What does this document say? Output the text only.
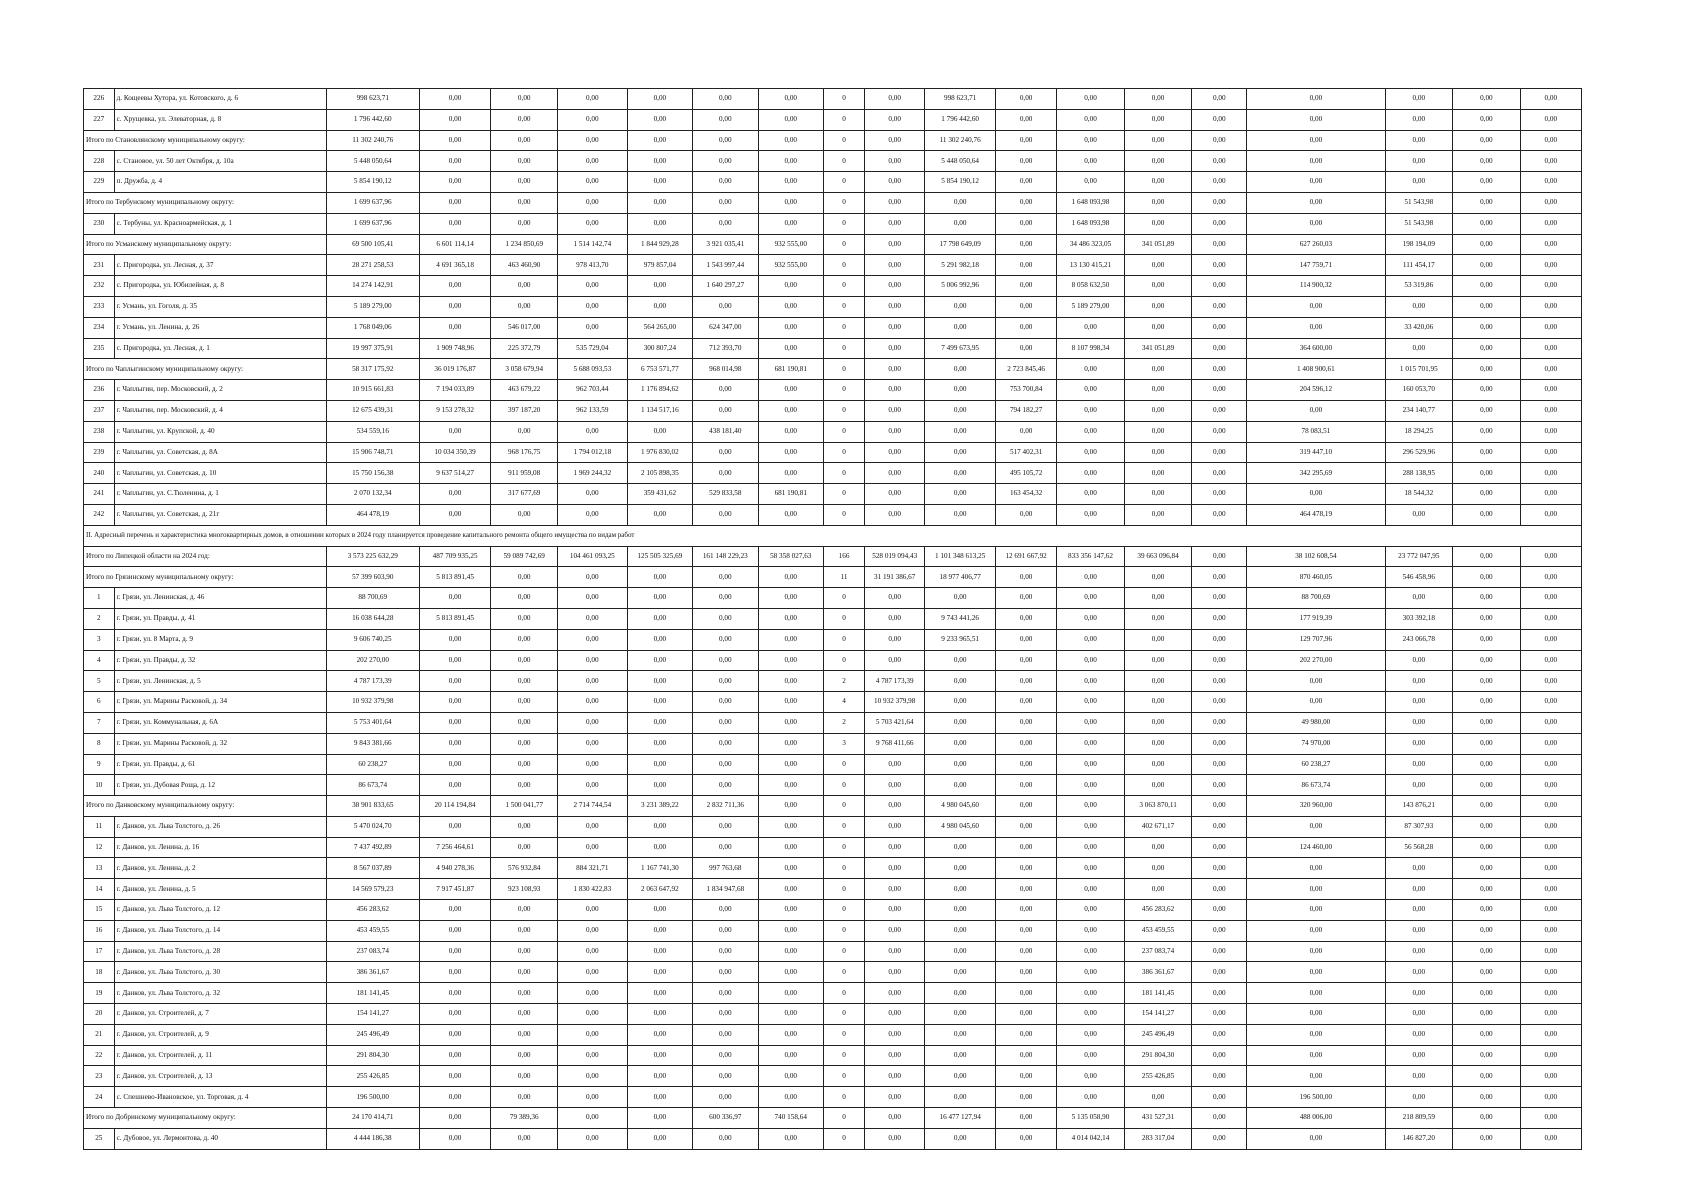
226	д. Кощеевы Хутора, ул. Котовского, д. 6	998 623,71	0,00	0,00	0,00	0,00	0,00	0,00	0	0,00	998 623,71	0,00	0,00	0,00	0,00	0,00	0,00	0,00	0,00
227	с. Хрущевка, ул. Элеваторная, д. 8	1 796 442,60	0,00	0,00	0,00	0,00	0,00	0,00	0	0,00	1 796 442,60	0,00	0,00	0,00	0,00	0,00	0,00	0,00	0,00
Итого по Становлянскому муниципальному округу:		11 302 240,76	0,00	0,00	0,00	0,00	0,00	0,00	0	0,00	11 302 240,76	0,00	0,00	0,00	0,00	0,00	0,00	0,00	0,00
228	с. Становое, ул. 50 лет Октября, д. 10а	5 448 050,64	0,00	0,00	0,00	0,00	0,00	0,00	0	0,00	5 448 050,64	0,00	0,00	0,00	0,00	0,00	0,00	0,00	0,00
229	п. Дружба, д. 4	5 854 190,12	0,00	0,00	0,00	0,00	0,00	0,00	0	0,00	5 854 190,12	0,00	0,00	0,00	0,00	0,00	0,00	0,00	0,00
Итого по Тербунскому муниципальному округу:		1 699 637,96	0,00	0,00	0,00	0,00	0,00	0,00	0	0,00	0,00	0,00	1 648 093,98	0,00	0,00	0,00	51 543,98	0,00	0,00
230	с. Тербуны, ул. Красноармейская, д. 1	1 699 637,96	0,00	0,00	0,00	0,00	0,00	0,00	0	0,00	0,00	0,00	1 648 093,98	0,00	0,00	0,00	51 543,98	0,00	0,00
Итого по Усманскому муниципальному округу:		69 500 105,41	6 601 114,14	1 234 850,69	1 514 142,74	1 844 929,28	3 921 035,41	932 555,00	0	0,00	17 798 649,09	0,00	34 486 323,05	341 051,89	0,00	627 260,03	198 194,09	0,00	0,00
231	с. Пригородка, ул. Лесная, д. 37	28 271 258,53	4 691 365,18	463 460,90	978 413,70	979 857,04	1 543 997,44	932 555,00	0	0,00	5 291 982,18	0,00	13 130 415,21	0,00	0,00	147 759,71	111 454,17	0,00	0,00
232	с. Пригородка, ул. Юбилейная, д. 8	14 274 142,91	0,00	0,00	0,00	0,00	1 640 297,27	0,00	0	0,00	5 006 992,96	0,00	8 058 632,50	0,00	0,00	114 900,32	53 319,86	0,00	0,00
233	г. Усмань, ул. Гоголя, д. 35	5 189 279,00	0,00	0,00	0,00	0,00	0,00	0,00	0	0,00	0,00	0,00	5 189 279,00	0,00	0,00	0,00	0,00	0,00	0,00
234	г. Усмань, ул. Ленина, д. 26	1 768 049,06	0,00	546 017,00	0,00	564 265,00	624 347,00	0,00	0	0,00	0,00	0,00	0,00	0,00	0,00	0,00	33 420,06	0,00	0,00
235	с. Пригородка, ул. Лесная, д. 1	19 997 375,91	1 909 748,96	225 372,79	535 729,04	300 807,24	712 393,70	0,00	0	0,00	7 499 673,95	0,00	8 107 998,34	341 051,89	0,00	364 600,00	0,00	0,00	0,00
Итого по Чаплыгинскому муниципальному округу:		58 317 175,92	36 019 176,87	3 058 679,94	5 688 093,53	6 753 571,77	968 014,98	681 190,81	0	0,00	0,00	2 723 845,46	0,00	0,00	0,00	1 408 900,61	1 015 701,95	0,00	0,00
236	г. Чаплыгин, пер. Московский, д. 2	10 915 661,83	7 194 033,89	463 679,22	962 703,44	1 176 894,62	0,00	0,00	0	0,00	0,00	753 700,84	0,00	0,00	0,00	204 596,12	160 053,70	0,00	0,00
237	г. Чаплыгин, пер. Московский, д. 4	12 675 439,31	9 153 278,32	397 187,20	962 133,59	1 134 517,16	0,00	0,00	0	0,00	0,00	794 182,27	0,00	0,00	0,00	0,00	234 140,77	0,00	0,00
238	г. Чаплыгин, ул. Крупской, д. 40	534 559,16	0,00	0,00	0,00	0,00	438 181,40	0,00	0	0,00	0,00	0,00	0,00	0,00	0,00	78 083,51	18 294,25	0,00	0,00
239	г. Чаплыгин, ул. Советская, д. 8А	15 906 748,71	10 034 350,39	968 176,75	1 794 012,18	1 976 830,02	0,00	0,00	0	0,00	0,00	517 402,31	0,00	0,00	0,00	319 447,10	296 529,96	0,00	0,00
240	г. Чаплыгин, ул. Советская, д. 10	15 750 156,38	9 637 514,27	911 959,08	1 969 244,32	2 105 898,35	0,00	0,00	0	0,00	0,00	495 105,72	0,00	0,00	0,00	342 295,69	288 138,95	0,00	0,00
241	г. Чаплыгин, ул. С.Тюленина, д. 1	2 070 132,34	0,00	317 677,69	0,00	359 431,62	529 833,58	681 190,81	0	0,00	0,00	163 454,32	0,00	0,00	0,00	0,00	18 544,32	0,00	0,00
242	г. Чаплыгин, ул. Советская, д. 21г	464 478,19	0,00	0,00	0,00	0,00	0,00	0,00	0	0,00	0,00	0,00	0,00	0,00	0,00	464 478,19	0,00	0,00	0,00
II. Адресный перечень и характеристика многоквартирных домов, в отношении которых в 2024 году планируется проведение капитального ремонта общего имущества по видам работ																			
Итого по Липецкой области на 2024 год:		3 573 225 632,29	487 709 935,25	59 089 742,69	104 461 093,25	125 505 325,69	161 148 229,23	58 358 027,63	166	528 019 094,43	1 101 348 613,25	12 691 667,92	833 356 147,62	39 663 096,84	0,00	38 102 608,54	23 772 047,95	0,00	0,00
Итого по Грязинскому муниципальному округу:		57 399 603,90	5 813 891,45	0,00	0,00	0,00	0,00	0,00	11	31 191 386,67	18 977 406,77	0,00	0,00	0,00	0,00	870 460,05	546 458,96	0,00	0,00
1	г. Грязи, ул. Ленинская, д. 46	88 700,69	0,00	0,00	0,00	0,00	0,00	0,00	0	0,00	0,00	0,00	0,00	0,00	0,00	88 700,69	0,00	0,00	0,00
2	г. Грязи, ул. Правды, д. 41	16 038 644,28	5 813 891,45	0,00	0,00	0,00	0,00	0,00	0	0,00	9 743 441,26	0,00	0,00	0,00	0,00	177 919,39	303 392,18	0,00	0,00
3	г. Грязи, ул. 8 Марта, д. 9	9 606 740,25	0,00	0,00	0,00	0,00	0,00	0,00	0	0,00	9 233 965,51	0,00	0,00	0,00	0,00	129 707,96	243 066,78	0,00	0,00
4	г. Грязи, ул. Правды, д. 32	202 270,00	0,00	0,00	0,00	0,00	0,00	0,00	0	0,00	0,00	0,00	0,00	0,00	0,00	202 270,00	0,00	0,00	0,00
5	г. Грязи, ул. Ленинская, д. 5	4 787 173,39	0,00	0,00	0,00	0,00	0,00	0,00	2	4 787 173,39	0,00	0,00	0,00	0,00	0,00	0,00	0,00	0,00	0,00
6	г. Грязи, ул. Марины Расковой, д. 34	10 932 379,98	0,00	0,00	0,00	0,00	0,00	0,00	4	10 932 379,98	0,00	0,00	0,00	0,00	0,00	0,00	0,00	0,00	0,00
7	г. Грязи, ул. Коммунальная, д. 6А	5 753 401,64	0,00	0,00	0,00	0,00	0,00	0,00	2	5 703 421,64	0,00	0,00	0,00	0,00	0,00	49 980,00	0,00	0,00	0,00
8	г. Грязи, ул. Марины Расковой, д. 32	9 843 381,66	0,00	0,00	0,00	0,00	0,00	0,00	3	9 768 411,66	0,00	0,00	0,00	0,00	0,00	74 970,00	0,00	0,00	0,00
9	г. Грязи, ул. Правды, д. 61	60 238,27	0,00	0,00	0,00	0,00	0,00	0,00	0	0,00	0,00	0,00	0,00	0,00	0,00	60 238,27	0,00	0,00	0,00
10	г. Грязи, ул. Дубовая Роща, д. 12	86 673,74	0,00	0,00	0,00	0,00	0,00	0,00	0	0,00	0,00	0,00	0,00	0,00	0,00	86 673,74	0,00	0,00	0,00
Итого по Данковскому муниципальному округу:		38 901 833,65	20 114 194,84	1 500 041,77	2 714 744,54	3 231 389,22	2 832 711,36	0,00	0	0,00	4 980 045,60	0,00	0,00	3 063 870,11	0,00	320 960,00	143 876,21	0,00	0,00
11	г. Данков, ул. Льва Толстого, д. 26	5 470 024,70	0,00	0,00	0,00	0,00	0,00	0,00	0	0,00	4 980 045,60	0,00	0,00	402 671,17	0,00	0,00	87 307,93	0,00	0,00
12	г. Данков, ул. Ленина, д. 16	7 437 492,89	7 256 464,61	0,00	0,00	0,00	0,00	0,00	0	0,00	0,00	0,00	0,00	0,00	0,00	124 460,00	56 568,28	0,00	0,00
13	г. Данков, ул. Ленина, д. 2	8 567 037,89	4 940 278,36	576 932,84	884 321,71	1 167 741,30	997 763,68	0,00	0	0,00	0,00	0,00	0,00	0,00	0,00	0,00	0,00	0,00	0,00
14	г. Данков, ул. Ленина, д. 5	14 569 579,23	7 917 451,87	923 108,93	1 830 422,83	2 063 647,92	1 834 947,68	0,00	0	0,00	0,00	0,00	0,00	0,00	0,00	0,00	0,00	0,00	0,00
15	г. Данков, ул. Льва Толстого, д. 12	456 283,62	0,00	0,00	0,00	0,00	0,00	0,00	0	0,00	0,00	0,00	0,00	456 283,62	0,00	0,00	0,00	0,00	0,00
16	г. Данков, ул. Льва Толстого, д. 14	453 459,55	0,00	0,00	0,00	0,00	0,00	0,00	0	0,00	0,00	0,00	0,00	453 459,55	0,00	0,00	0,00	0,00	0,00
17	г. Данков, ул. Льва Толстого, д. 28	237 083,74	0,00	0,00	0,00	0,00	0,00	0,00	0	0,00	0,00	0,00	0,00	237 083,74	0,00	0,00	0,00	0,00	0,00
18	г. Данков, ул. Льва Толстого, д. 30	386 361,67	0,00	0,00	0,00	0,00	0,00	0,00	0	0,00	0,00	0,00	0,00	386 361,67	0,00	0,00	0,00	0,00	0,00
19	г. Данков, ул. Льва Толстого, д. 32	181 141,45	0,00	0,00	0,00	0,00	0,00	0,00	0	0,00	0,00	0,00	0,00	181 141,45	0,00	0,00	0,00	0,00	0,00
20	г. Данков, ул. Строителей, д. 7	154 141,27	0,00	0,00	0,00	0,00	0,00	0,00	0	0,00	0,00	0,00	0,00	154 141,27	0,00	0,00	0,00	0,00	0,00
21	г. Данков, ул. Строителей, д. 9	245 496,49	0,00	0,00	0,00	0,00	0,00	0,00	0	0,00	0,00	0,00	0,00	245 496,49	0,00	0,00	0,00	0,00	0,00
22	г. Данков, ул. Строителей, д. 11	291 804,30	0,00	0,00	0,00	0,00	0,00	0,00	0	0,00	0,00	0,00	0,00	291 804,30	0,00	0,00	0,00	0,00	0,00
23	г. Данков, ул. Строителей, д. 13	255 426,85	0,00	0,00	0,00	0,00	0,00	0,00	0	0,00	0,00	0,00	0,00	255 426,85	0,00	0,00	0,00	0,00	0,00
24	с. Спешнево-Ивановское, ул. Торговая, д. 4	196 500,00	0,00	0,00	0,00	0,00	0,00	0,00	0	0,00	0,00	0,00	0,00	0,00	0,00	196 500,00	0,00	0,00	0,00
Итого по Добринскому муниципальному округу:		24 170 414,71	0,00	79 389,36	0,00	0,00	600 336,97	740 158,64	0	0,00	16 477 127,94	0,00	5 135 058,90	431 527,31	0,00	488 006,00	218 809,59	0,00	0,00
25	с. Дубовое, ул. Лермонтова, д. 40	4 444 186,38	0,00	0,00	0,00	0,00	0,00	0,00	0	0,00	0,00	0,00	4 014 042,14	283 317,04	0,00	0,00	146 827,20	0,00	0,00
